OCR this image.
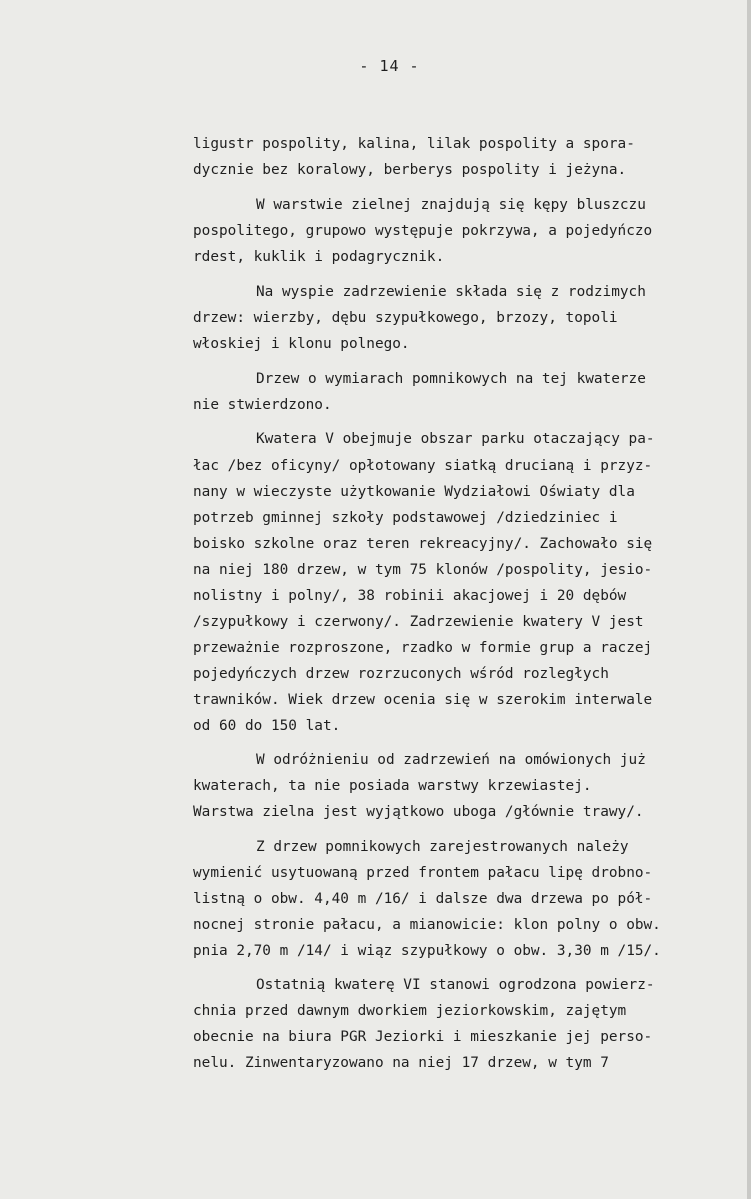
- 14 -
ligustr pospolity, kalina, lilak pospolity a spora-
dycznie bez koralowy, berberys pospolity i jeżyna.
W warstwie zielnej znajdują się kępy bluszczu
pospolitego, grupowo występuje pokrzywa, a pojedyńczo
rdest, kuklik i podagrycznik.
Na wyspie zadrzewienie składa się z rodzimych
drzew: wierzby, dębu szypułkowego, brzozy, topoli
włoskiej i klonu polnego.
Drzew o wymiarach pomnikowych na tej kwaterze
nie stwierdzono.
Kwatera V obejmuje obszar parku otaczający pa-
łac /bez oficyny/ opłotowany siatką drucianą i przyz-
nany w wieczyste użytkowanie Wydziałowi Oświaty dla
potrzeb gminnej szkoły podstawowej /dziedziniec i
boisko szkolne oraz teren rekreacyjny/. Zachowało się
na niej 180 drzew, w tym 75 klonów /pospolity, jesio-
nolistny i polny/, 38 robinii akacjowej i 20 dębów
/szypułkowy i czerwony/. Zadrzewienie kwatery V jest
przeważnie rozproszone, rzadko w formie grup a raczej
pojedyńczych drzew rozrzuconych wśród rozległych
trawników. Wiek drzew ocenia się w szerokim interwale
od 60 do 150 lat.
W odróżnieniu od zadrzewień na omówionych już
kwaterach, ta nie posiada warstwy krzewiastej.
Warstwa zielna jest wyjątkowo uboga /głównie trawy/.
Z drzew pomnikowych zarejestrowanych należy
wymienić usytuowaną przed frontem pałacu lipę drobno-
listną o obw. 4,40 m /16/ i dalsze dwa drzewa po pół-
nocnej stronie pałacu, a mianowicie: klon polny o obw.
pnia 2,70 m /14/ i wiąz szypułkowy o obw. 3,30 m /15/.
Ostatnią kwaterę VI stanowi ogrodzona powierz-
chnia przed dawnym dworkiem jeziorkowskim, zajętym
obecnie na biura PGR Jeziorki i mieszkanie jej perso-
nelu. Zinwentaryzowano na niej 17 drzew, w tym 7
